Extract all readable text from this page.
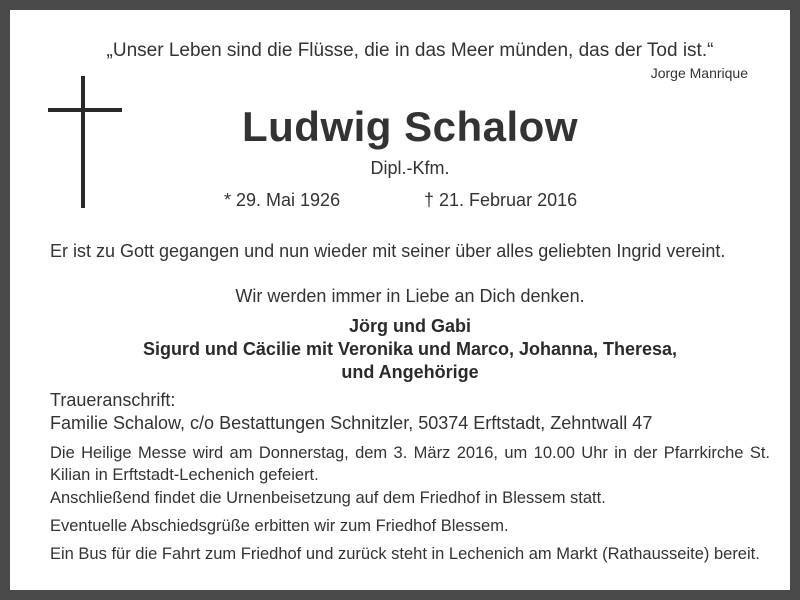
„Unser Leben sind die Flüsse, die in das Meer münden, das der Tod ist.“

Jorge Manrique

Ludwig Schalow

Dipl.-Kfm.

* 29. Mai 1926	† 21. Februar 2016

Er ist zu Gott gegangen und nun wieder mit seiner über alles geliebten Ingrid vereint.

Wir werden immer in Liebe an Dich denken.

Jörg und Gabi

Sigurd und Cäcilie mit Veronika und Marco, Johanna, Theresa,

und Angehörige

Traueranschrift:

Familie Schalow, c/o Bestattungen Schnitzler, 50374 Erftstadt, Zehntwall 47

Die Heilige Messe wird am Donnerstag, dem 3. März 2016, um 10.00 Uhr in der Pfarrkirche St. Kilian in Erftstadt-Lechenich gefeiert.

Anschließend findet die Urnenbeisetzung auf dem Friedhof in Blessem statt.

Eventuelle Abschiedsgrüße erbitten wir zum Friedhof Blessem.

Ein Bus für die Fahrt zum Friedhof und zurück steht in Lechenich am Markt (Rathausseite) bereit.
